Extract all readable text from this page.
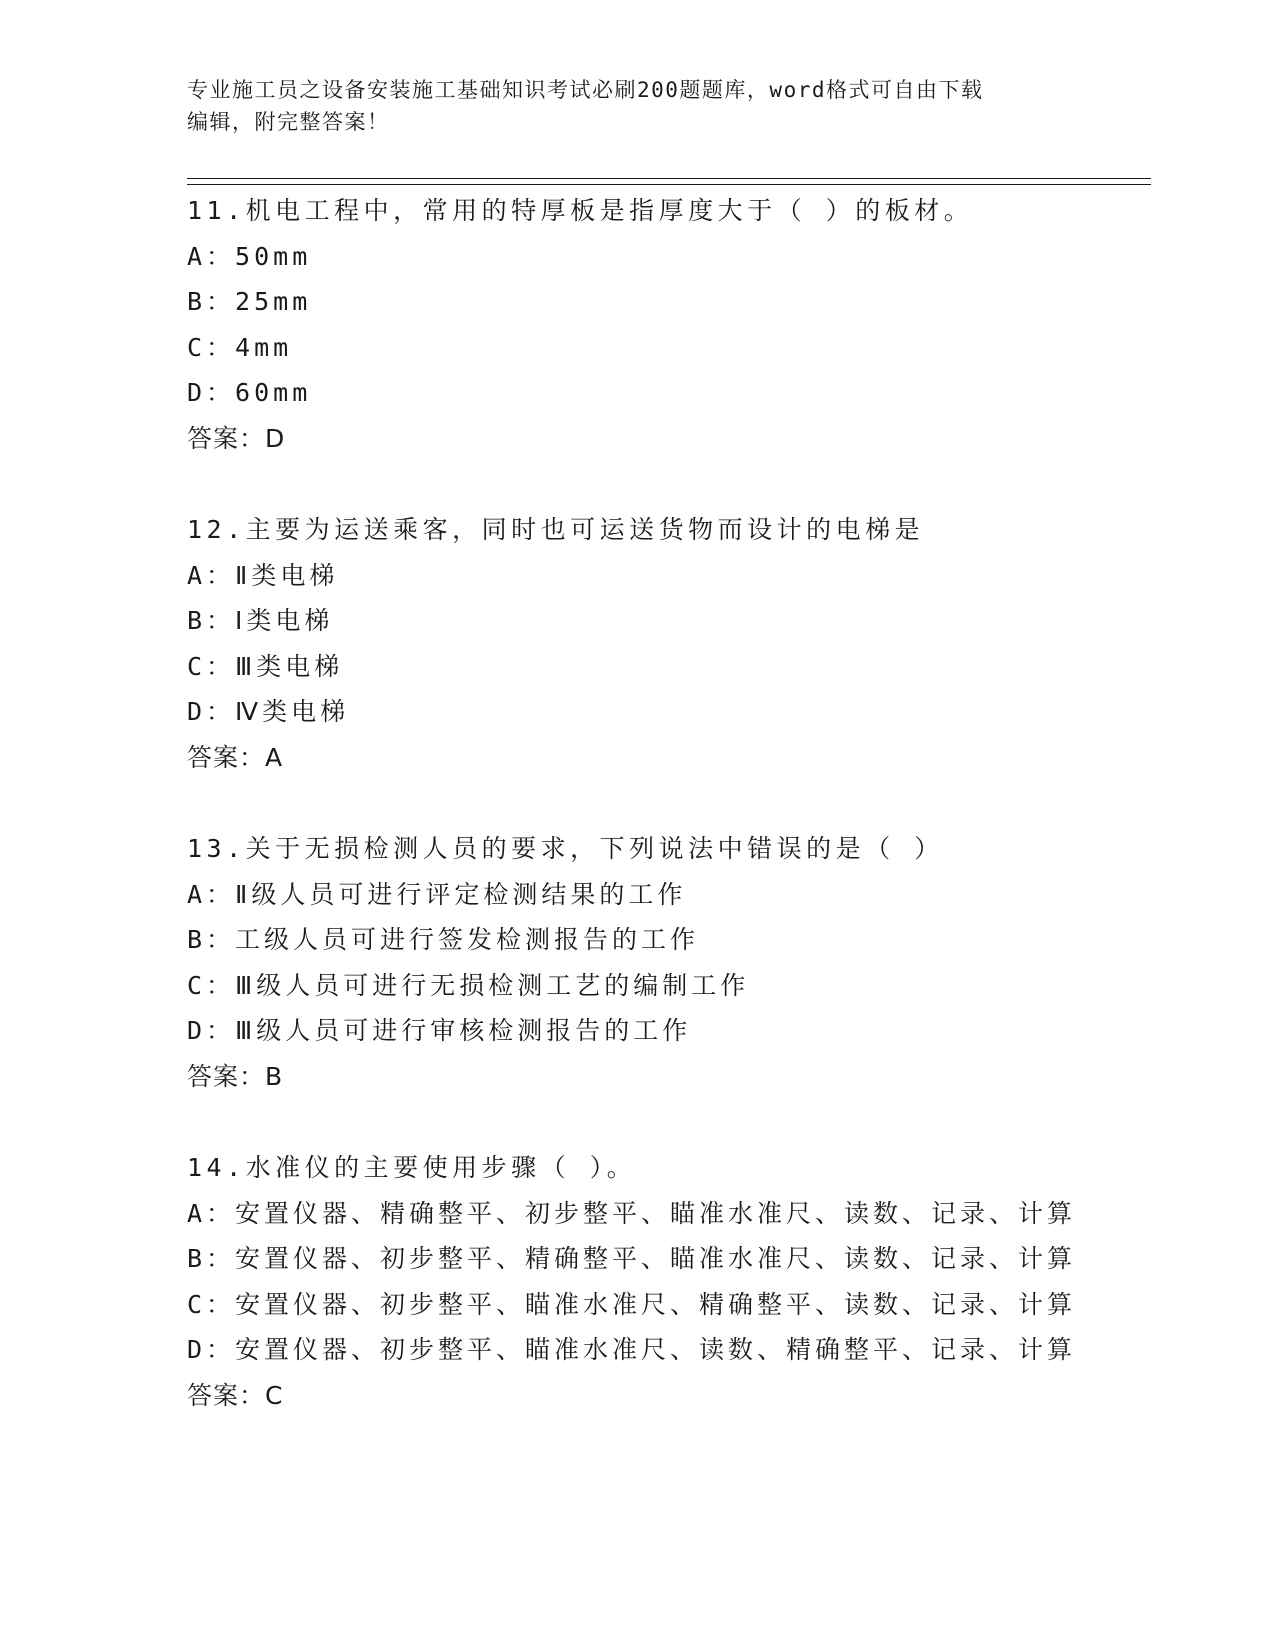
专业施工员之设备安装施工基础知识考试必刷200题题库，word格式可自由下载
编辑，附完整答案！
11.机电工程中，常用的特厚板是指厚度大于（ ）的板材。
A：50mm
B：25mm
C：4mm
D：60mm
答案：D
12.主要为运送乘客，同时也可运送货物而设计的电梯是
A：Ⅱ类电梯
B：Ⅰ类电梯
C：Ⅲ类电梯
D：Ⅳ类电梯
答案：A
13.关于无损检测人员的要求，下列说法中错误的是（ ）
A：Ⅱ级人员可进行评定检测结果的工作
B：工级人员可进行签发检测报告的工作
C：Ⅲ级人员可进行无损检测工艺的编制工作
D：Ⅲ级人员可进行审核检测报告的工作
答案：B
14.水准仪的主要使用步骤（ ）。
A：安置仪器、精确整平、初步整平、瞄准水准尺、读数、记录、计算
B：安置仪器、初步整平、精确整平、瞄准水准尺、读数、记录、计算
C：安置仪器、初步整平、瞄准水准尺、精确整平、读数、记录、计算
D：安置仪器、初步整平、瞄准水准尺、读数、精确整平、记录、计算
答案：C
